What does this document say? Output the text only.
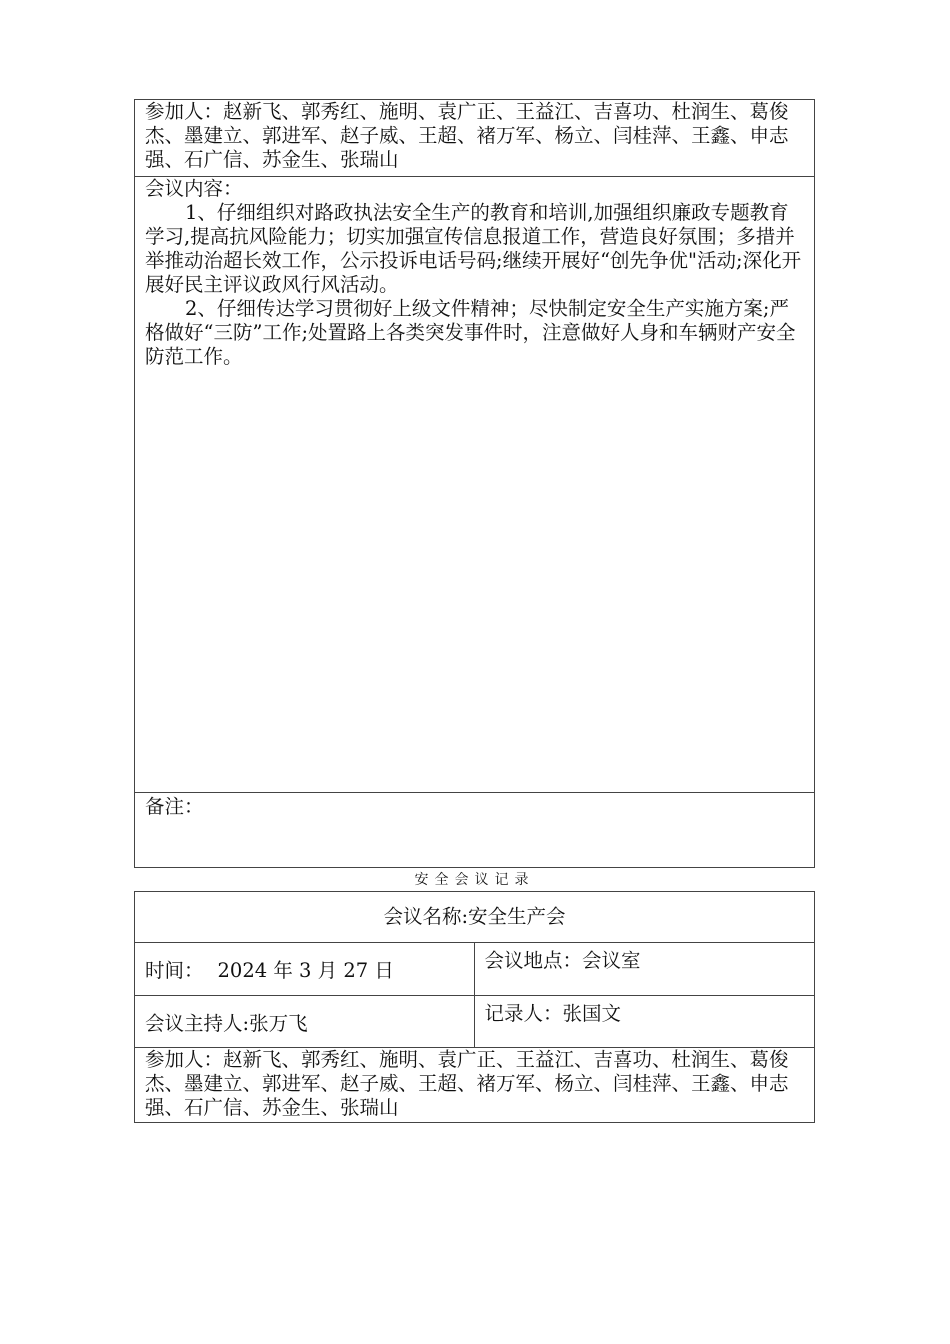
参加人：赵新飞、郭秀红、施明、袁广正、王益江、吉喜功、杜润生、葛俊杰、墨建立、郭进军、赵子威、王超、褚万军、杨立、闫桂萍、王鑫、申志强、石广信、苏金生、张瑞山

会议内容：

1、仔细组织对路政执法安全生产的教育和培训,加强组织廉政专题教育学习,提高抗风险能力；切实加强宣传信息报道工作，营造良好氛围；多措并举推动治超长效工作，公示投诉电话号码;继续开展好“创先争优"活动;深化开展好民主评议政风行风活动。

2、仔细传达学习贯彻好上级文件精神；尽快制定安全生产实施方案;严格做好“三防”工作;处置路上各类突发事件时，注意做好人身和车辆财产安全防范工作。

备注：

安全会议记录
会议名称:安全生产会
时间： 2024 年 3 月 27 日	会议地点：会议室
会议主持人:张万飞	记录人：张国文
参加人：赵新飞、郭秀红、施明、袁广正、王益江、吉喜功、杜润生、葛俊杰、墨建立、郭进军、赵子威、王超、褚万军、杨立、闫桂萍、王鑫、申志强、石广信、苏金生、张瑞山
